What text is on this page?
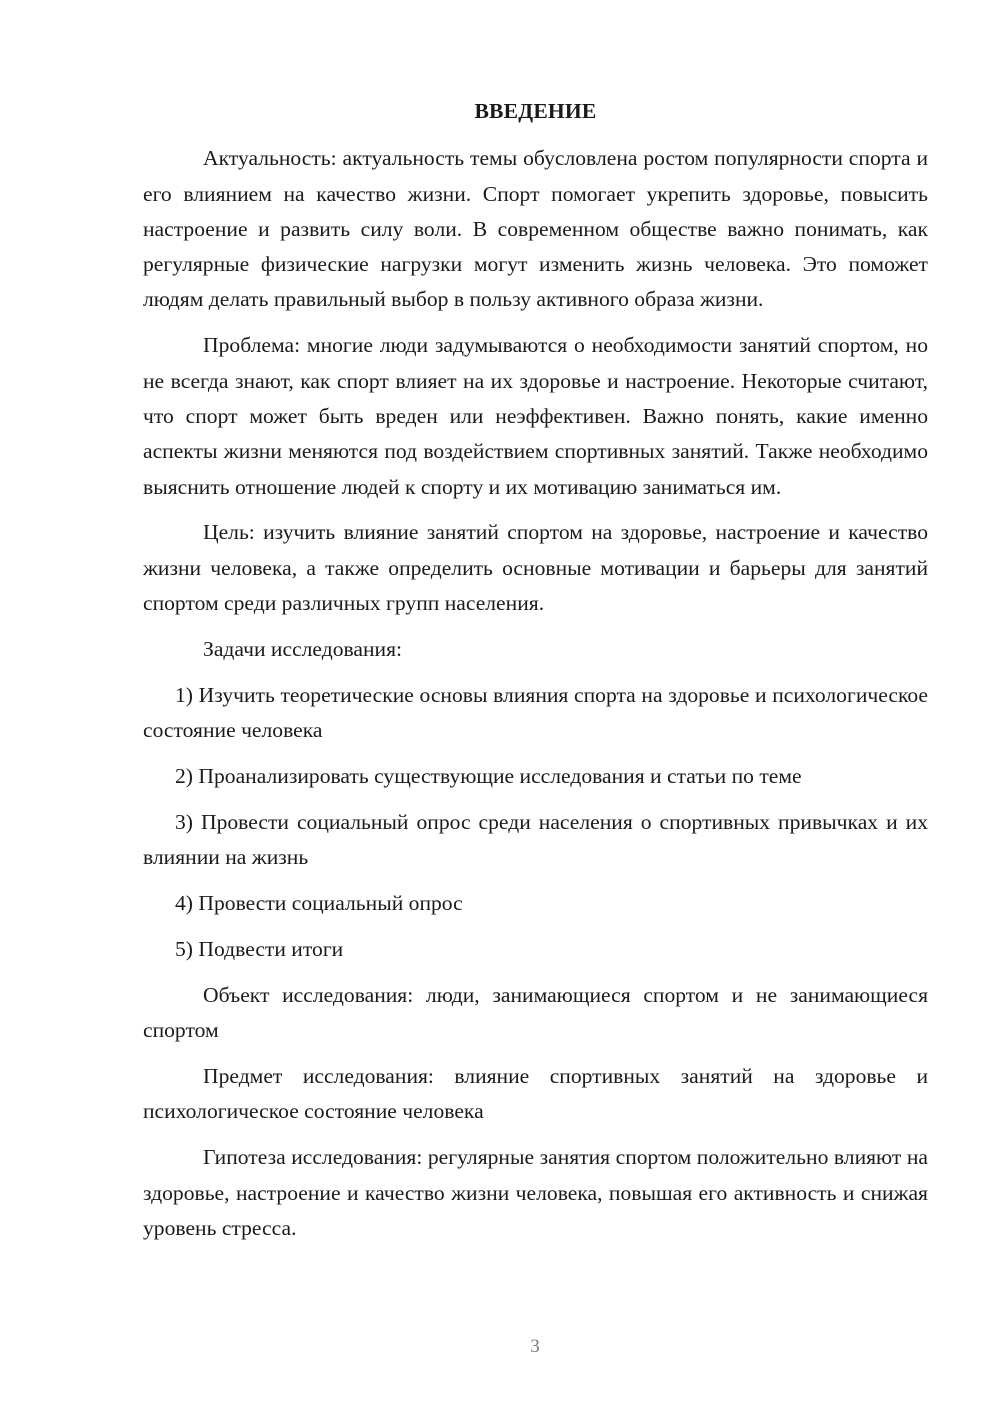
ВВЕДЕНИЕ

Актуальность: актуальность темы обусловлена ростом популярности спорта и его влиянием на качество жизни. Спорт помогает укрепить здоровье, повысить настроение и развить силу воли. В современном обществе важно понимать, как регулярные физические нагрузки могут изменить жизнь человека. Это поможет людям делать правильный выбор в пользу активного образа жизни.

Проблема: многие люди задумываются о необходимости занятий спортом, но не всегда знают, как спорт влияет на их здоровье и настроение. Некоторые считают, что спорт может быть вреден или неэффективен. Важно понять, какие именно аспекты жизни меняются под воздействием спортивных занятий. Также необходимо выяснить отношение людей к спорту и их мотивацию заниматься им.

Цель: изучить влияние занятий спортом на здоровье, настроение и качество жизни человека, а также определить основные мотивации и барьеры для занятий спортом среди различных групп населения.

Задачи исследования:

1) Изучить теоретические основы влияния спорта на здоровье и психологическое состояние человека

2) Проанализировать существующие исследования и статьи по теме

3) Провести социальный опрос среди населения о спортивных привычках и их влиянии на жизнь

4) Провести социальный опрос

5) Подвести итоги

Объект исследования: люди, занимающиеся спортом и не занимающиеся спортом

Предмет исследования: влияние спортивных занятий на здоровье и психологическое состояние человека

Гипотеза исследования: регулярные занятия спортом положительно влияют на здоровье, настроение и качество жизни человека, повышая его активность и снижая уровень стресса.

3
